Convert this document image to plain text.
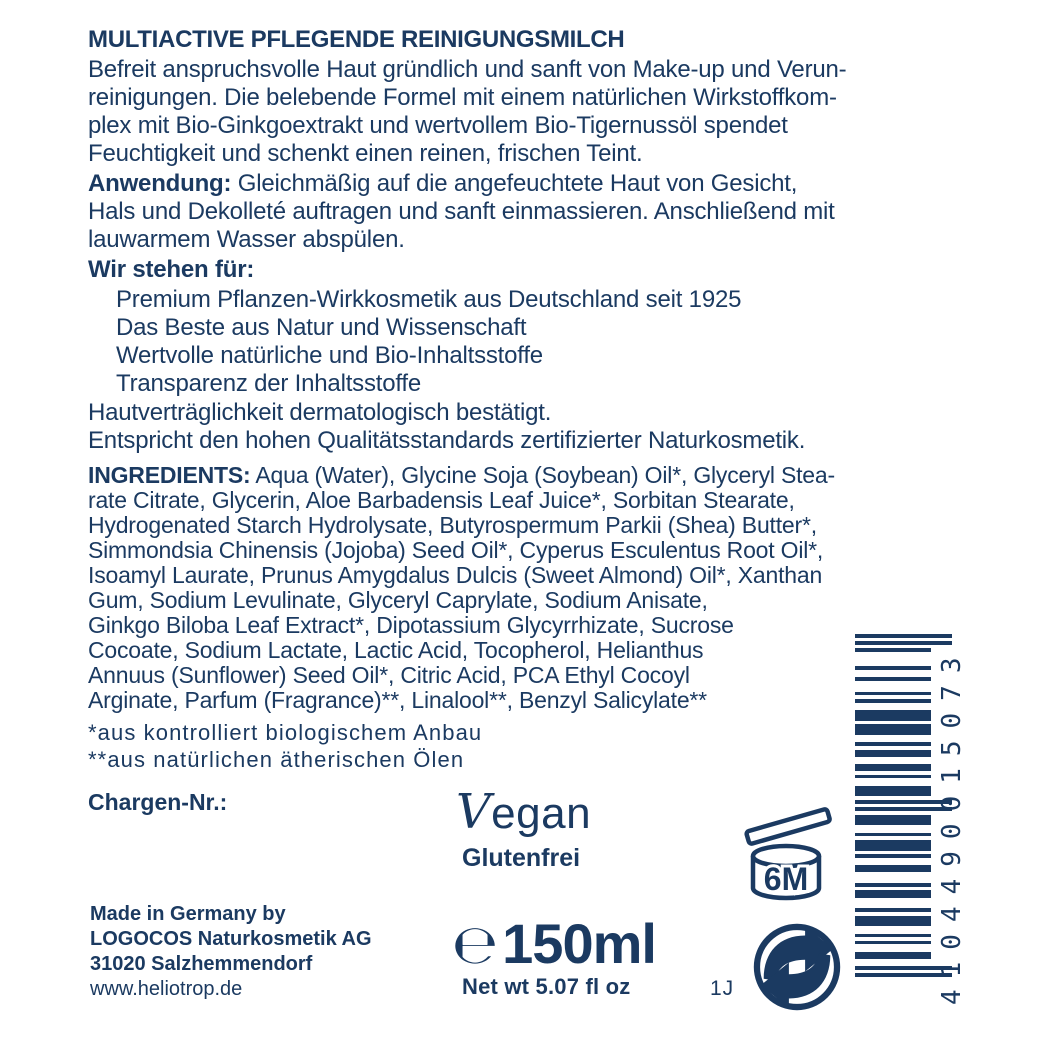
MULTIACTIVE PFLEGENDE REINIGUNGSMILCH
Befreit anspruchsvolle Haut gründlich und sanft von Make-up und Verun-
reinigungen. Die belebende Formel mit einem natürlichen Wirkstoffkom-
plex mit Bio-Ginkgoextrakt und wertvollem Bio-Tigernussöl spendet
Feuchtigkeit und schenkt einen reinen, frischen Teint.
Anwendung: Gleichmäßig auf die angefeuchtete Haut von Gesicht,
Hals und Dekolleté auftragen und sanft einmassieren. Anschließend mit
lauwarmem Wasser abspülen.
Wir stehen für:
Premium Pflanzen-Wirkkosmetik aus Deutschland seit 1925
Das Beste aus Natur und Wissenschaft
Wertvolle natürliche und Bio-Inhaltsstoffe
Transparenz der Inhaltsstoffe
Hautverträglichkeit dermatologisch bestätigt.
Entspricht den hohen Qualitätsstandards zertifizierter Naturkosmetik.
INGREDIENTS: Aqua (Water), Glycine Soja (Soybean) Oil*, Glyceryl Stea-
rate Citrate, Glycerin, Aloe Barbadensis Leaf Juice*, Sorbitan Stearate,
Hydrogenated Starch Hydrolysate, Butyrospermum Parkii (Shea) Butter*,
Simmondsia Chinensis (Jojoba) Seed Oil*, Cyperus Esculentus Root Oil*,
Isoamyl Laurate, Prunus Amygdalus Dulcis (Sweet Almond) Oil*, Xanthan
Gum, Sodium Levulinate, Glyceryl Caprylate, Sodium Anisate,
Ginkgo Biloba Leaf Extract*, Dipotassium Glycyrrhizate, Sucrose
Cocoate, Sodium Lactate, Lactic Acid, Tocopherol, Helianthus
Annuus (Sunflower) Seed Oil*, Citric Acid, PCA Ethyl Cocoyl
Arginate, Parfum (Fragrance)**, Linalool**, Benzyl Salicylate**
*aus kontrolliert biologischem Anbau
**aus natürlichen ätherischen Ölen
Chargen-Nr.:	Vegan
Glutenfrei
6M	4104490015073
Made in Germany by
LOGOCOS Naturkosmetik AG
31020 Salzhemmendorf
www.heliotrop.de
℮ 150ml
Net wt 5.07 fl oz	1J
